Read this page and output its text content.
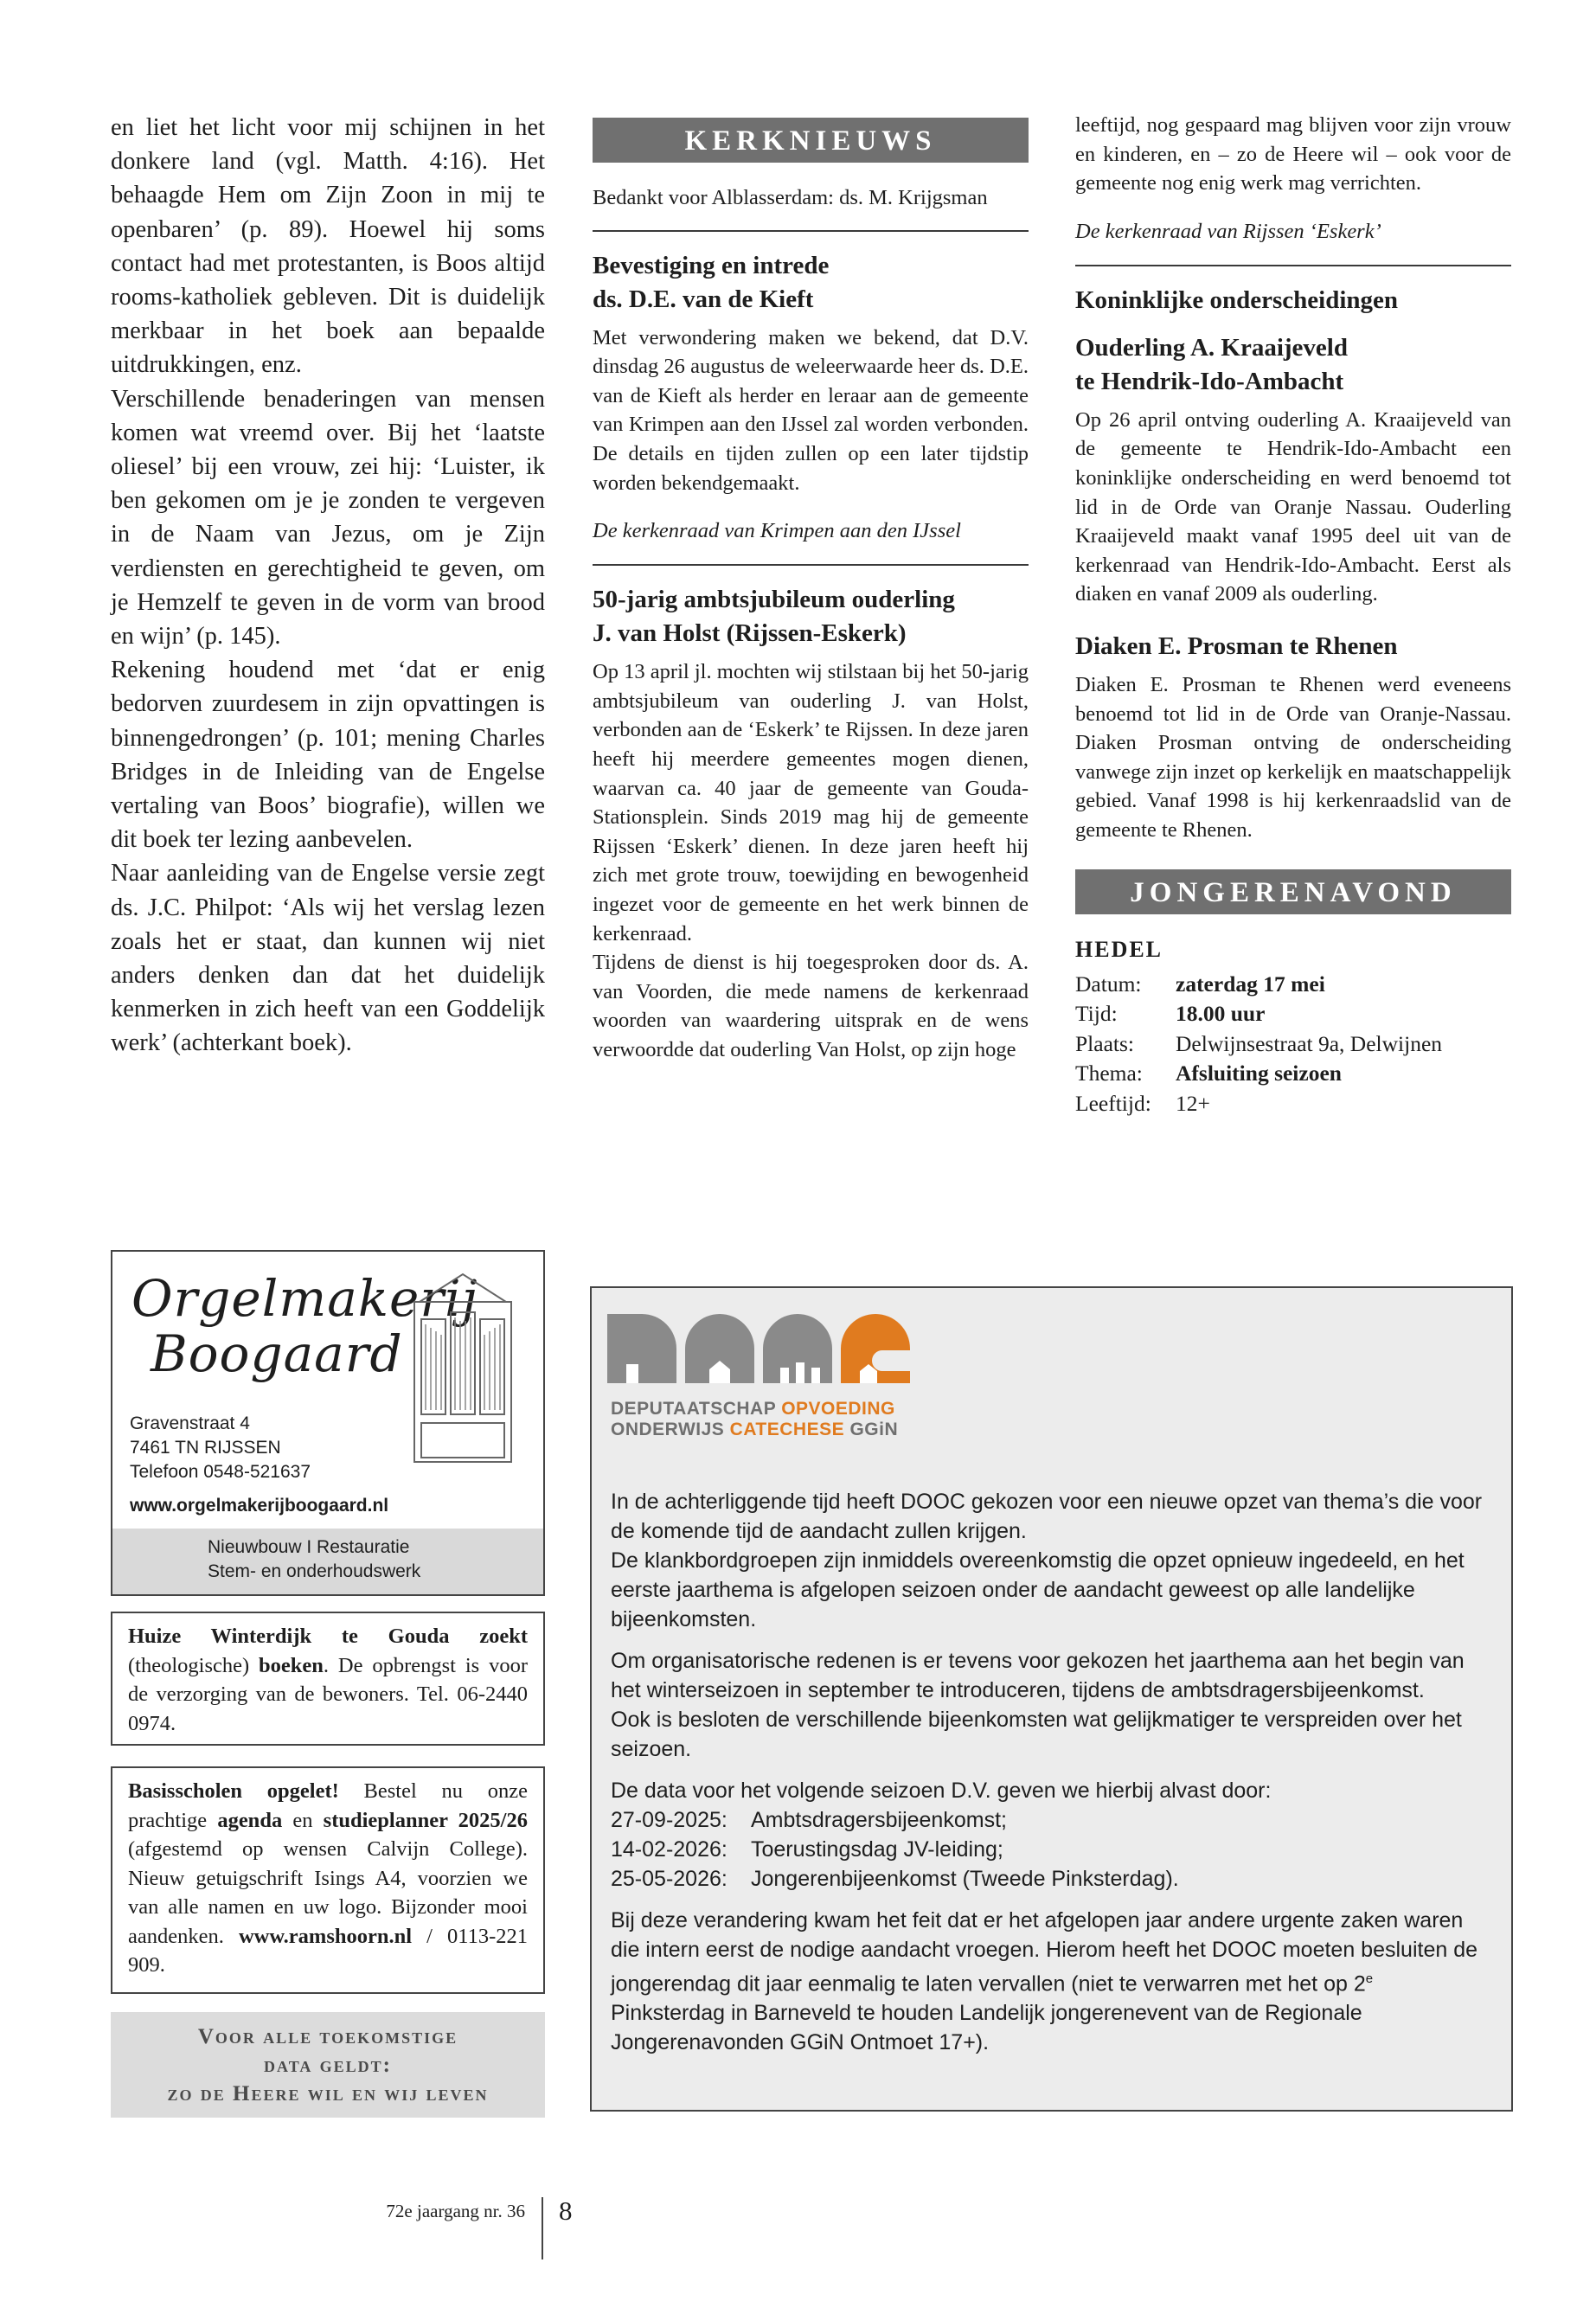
en liet het licht voor mij schijnen in het donkere land (vgl. Matth. 4:16). Het behaagde Hem om Zijn Zoon in mij te openbaren’ (p. 89). Hoewel hij soms contact had met protestanten, is Boos altijd rooms-katholiek gebleven. Dit is duidelijk merkbaar in het boek aan bepaalde uitdrukkingen, enz.

Verschillende benaderingen van mensen komen wat vreemd over. Bij het ‘laatste oliesel’ bij een vrouw, zei hij: ‘Luister, ik ben gekomen om je je zonden te vergeven in de Naam van Jezus, om je Zijn verdiensten en gerechtigheid te geven, om je Hemzelf te geven in de vorm van brood en wijn’ (p. 145).

Rekening houdend met ‘dat er enig bedorven zuurdesem in zijn opvattingen is binnengedrongen’ (p. 101; mening Charles Bridges in de Inleiding van de Engelse vertaling van Boos’ biografie), willen we dit boek ter lezing aanbevelen.

Naar aanleiding van de Engelse versie zegt ds. J.C. Philpot: ‘Als wij het verslag lezen zoals het er staat, dan kunnen wij niet anders denken dan dat het duidelijk kenmerken in zich heeft van een Goddelijk werk’ (achterkant boek).

KERKNIEUWS

Bedankt voor Alblasserdam: ds. M. Krijgsman

Bevestiging en intrede

ds. D.E. van de Kieft

Met verwondering maken we bekend, dat D.V. dinsdag 26 augustus de weleerwaarde heer ds. D.E. van de Kieft als herder en leraar aan de gemeente van Krimpen aan den IJssel zal worden verbonden. De details en tijden zullen op een later tijdstip worden bekendgemaakt.

De kerkenraad van Krimpen aan den IJssel

50-jarig ambtsjubileum ouderling

J. van Holst (Rijssen-Eskerk)

Op 13 april jl. mochten wij stilstaan bij het 50-jarig ambtsjubileum van ouderling J. van Holst, verbonden aan de ‘Eskerk’ te Rijssen. In deze jaren heeft hij meerdere gemeentes mogen dienen, waarvan ca. 40 jaar de gemeente van Gouda-Stationsplein. Sinds 2019 mag hij de gemeente Rijssen ‘Eskerk’ dienen. In deze jaren heeft hij zich met grote trouw, toewijding en bewogenheid ingezet voor de gemeente en het werk binnen de kerkenraad.

Tijdens de dienst is hij toegesproken door ds. A. van Voorden, die mede namens de kerkenraad woorden van waardering uitsprak en de wens verwoordde dat ouderling Van Holst, op zijn hoge

leeftijd, nog gespaard mag blijven voor zijn vrouw en kinderen, en – zo de Heere wil – ook voor de gemeente nog enig werk mag verrichten.

De kerkenraad van Rijssen ‘Eskerk’

Koninklijke onderscheidingen

Ouderling A. Kraaijeveld

te Hendrik-Ido-Ambacht

Op 26 april ontving ouderling A. Kraaijeveld van de gemeente te Hendrik-Ido-Ambacht een koninklijke onderscheiding en werd benoemd tot lid in de Orde van Oranje Nassau. Ouderling Kraaijeveld maakt vanaf 1995 deel uit van de kerkenraad van Hendrik-Ido-Ambacht. Eerst als diaken en vanaf 2009 als ouderling.

Diaken E. Prosman te Rhenen

Diaken E. Prosman te Rhenen werd eveneens benoemd tot lid in de Orde van Oranje-Nassau. Diaken Prosman ontving de onderscheiding vanwege zijn inzet op kerkelijk en maatschappelijk gebied. Vanaf 1998 is hij kerkenraadslid van de gemeente te Rhenen.

JONGERENAVOND

HEDEL

Datum:	zaterdag 17 mei
Tijd:	18.00 uur
Plaats:	Delwijnsestraat 9a, Delwijnen
Thema:	Afsluiting seizoen
Leeftijd:	12+
Orgelmakerij
Boogaard
Gravenstraat 4
7461 TN RIJSSEN
Telefoon 0548-521637
www.orgelmakerijboogaard.nl
Nieuwbouw I Restauratie
Stem- en onderhoudswerk

Huize Winterdijk te Gouda zoekt (theologische) boeken. De opbrengst is voor de verzorging van de bewoners. Tel. 06-2440 0974.

Basisscholen opgelet! Bestel nu onze prachtige agenda en studieplanner 2025/26 (afgestemd op wensen Calvijn College). Nieuw getuigschrift Isings A4, voorzien we van alle namen en uw logo. Bijzonder mooi aandenken. www.ramshoorn.nl / 0113-221 909.

Voor alle toekomstige
data geldt:
zo de Heere wil en wij leven
DEPUTAATSCHAP OPVOEDING
ONDERWIJS CATECHESE GGiN

In de achterliggende tijd heeft DOOC gekozen voor een nieuwe opzet van thema’s die voor de komende tijd de aandacht zullen krijgen.

De klankbordgroepen zijn inmiddels overeenkomstig die opzet opnieuw ingedeeld, en het eerste jaarthema is afgelopen seizoen onder de aandacht geweest op alle landelijke bijeenkomsten.

Om organisatorische redenen is er tevens voor gekozen het jaarthema aan het begin van het winterseizoen in september te introduceren, tijdens de ambtsdragersbijeenkomst.

Ook is besloten de verschillende bijeenkomsten wat gelijkmatiger te verspreiden over het seizoen.

De data voor het volgende seizoen D.V. geven we hierbij alvast door:

27-09-2025:	Ambtsdragersbijeenkomst;
14-02-2026:	Toerustingsdag JV-leiding;
25-05-2026:	Jongerenbijeenkomst (Tweede Pinksterdag).

Bij deze verandering kwam het feit dat er het afgelopen jaar andere urgente zaken waren die intern eerst de nodige aandacht vroegen. Hierom heeft het DOOC moeten besluiten de jongerendag dit jaar eenmalig te laten vervallen (niet te verwarren met het op 2e Pinksterdag in Barneveld te houden Landelijk jongerenevent van de Regionale Jongerenavonden GGiN Ontmoet 17+).

72e jaargang nr. 36 8
